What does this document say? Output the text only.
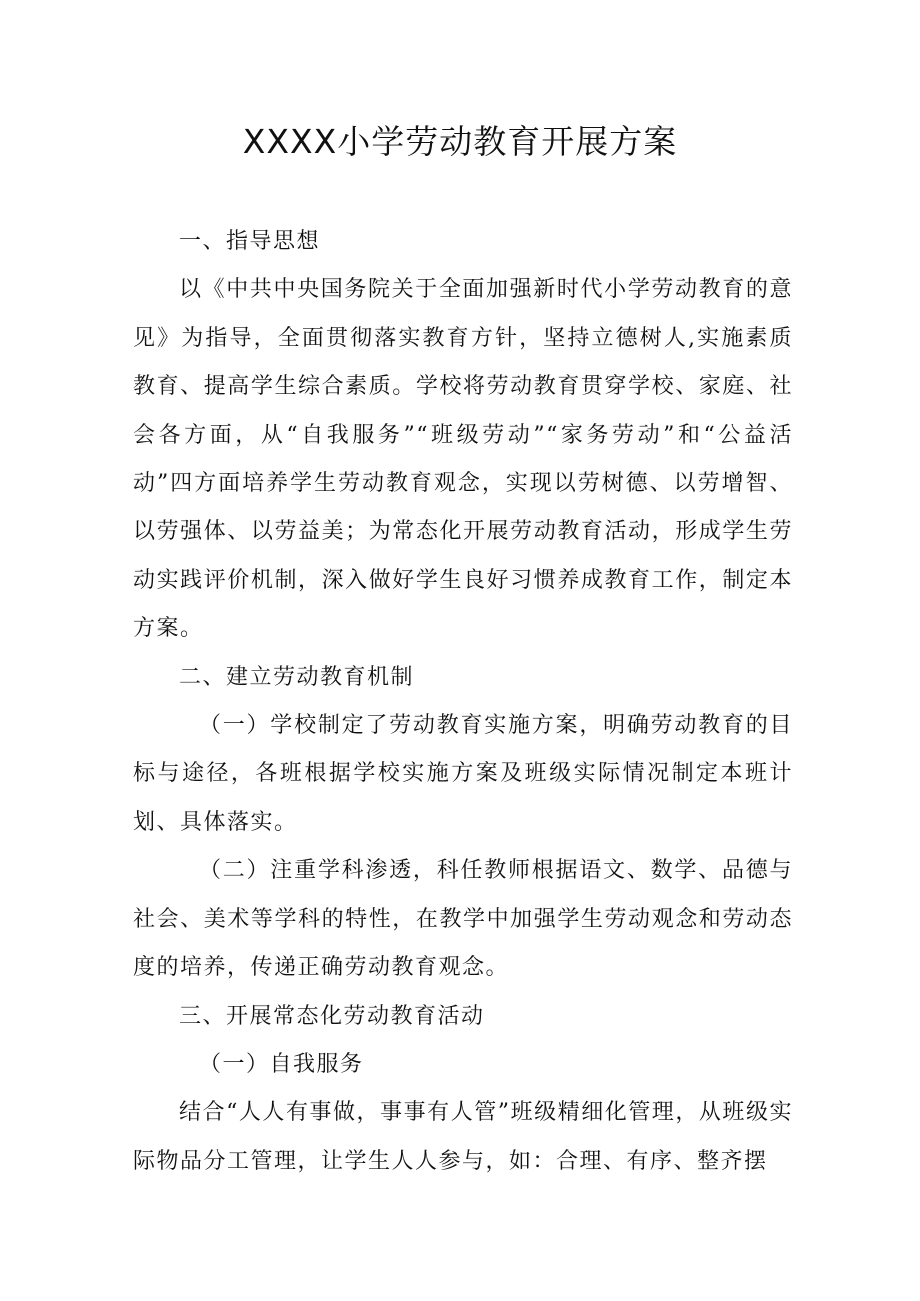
XXXX小学劳动教育开展方案

一、指导思想

以《中共中央国务院关于全面加强新时代小学劳动教育的意见》为指导，全面贯彻落实教育方针，坚持立德树人,实施素质教育、提高学生综合素质。学校将劳动教育贯穿学校、家庭、社会各方面，从“自我服务”“班级劳动”“家务劳动”和“公益活动”四方面培养学生劳动教育观念，实现以劳树德、以劳增智、以劳强体、以劳益美；为常态化开展劳动教育活动，形成学生劳动实践评价机制，深入做好学生良好习惯养成教育工作，制定本方案。

二、建立劳动教育机制

（一）学校制定了劳动教育实施方案，明确劳动教育的目标与途径，各班根据学校实施方案及班级实际情况制定本班计划、具体落实。

（二）注重学科渗透，科任教师根据语文、数学、品德与社会、美术等学科的特性，在教学中加强学生劳动观念和劳动态度的培养，传递正确劳动教育观念。

三、开展常态化劳动教育活动

（一）自我服务

结合“人人有事做，事事有人管”班级精细化管理，从班级实际物品分工管理，让学生人人参与，如：合理、有序、整齐摆
